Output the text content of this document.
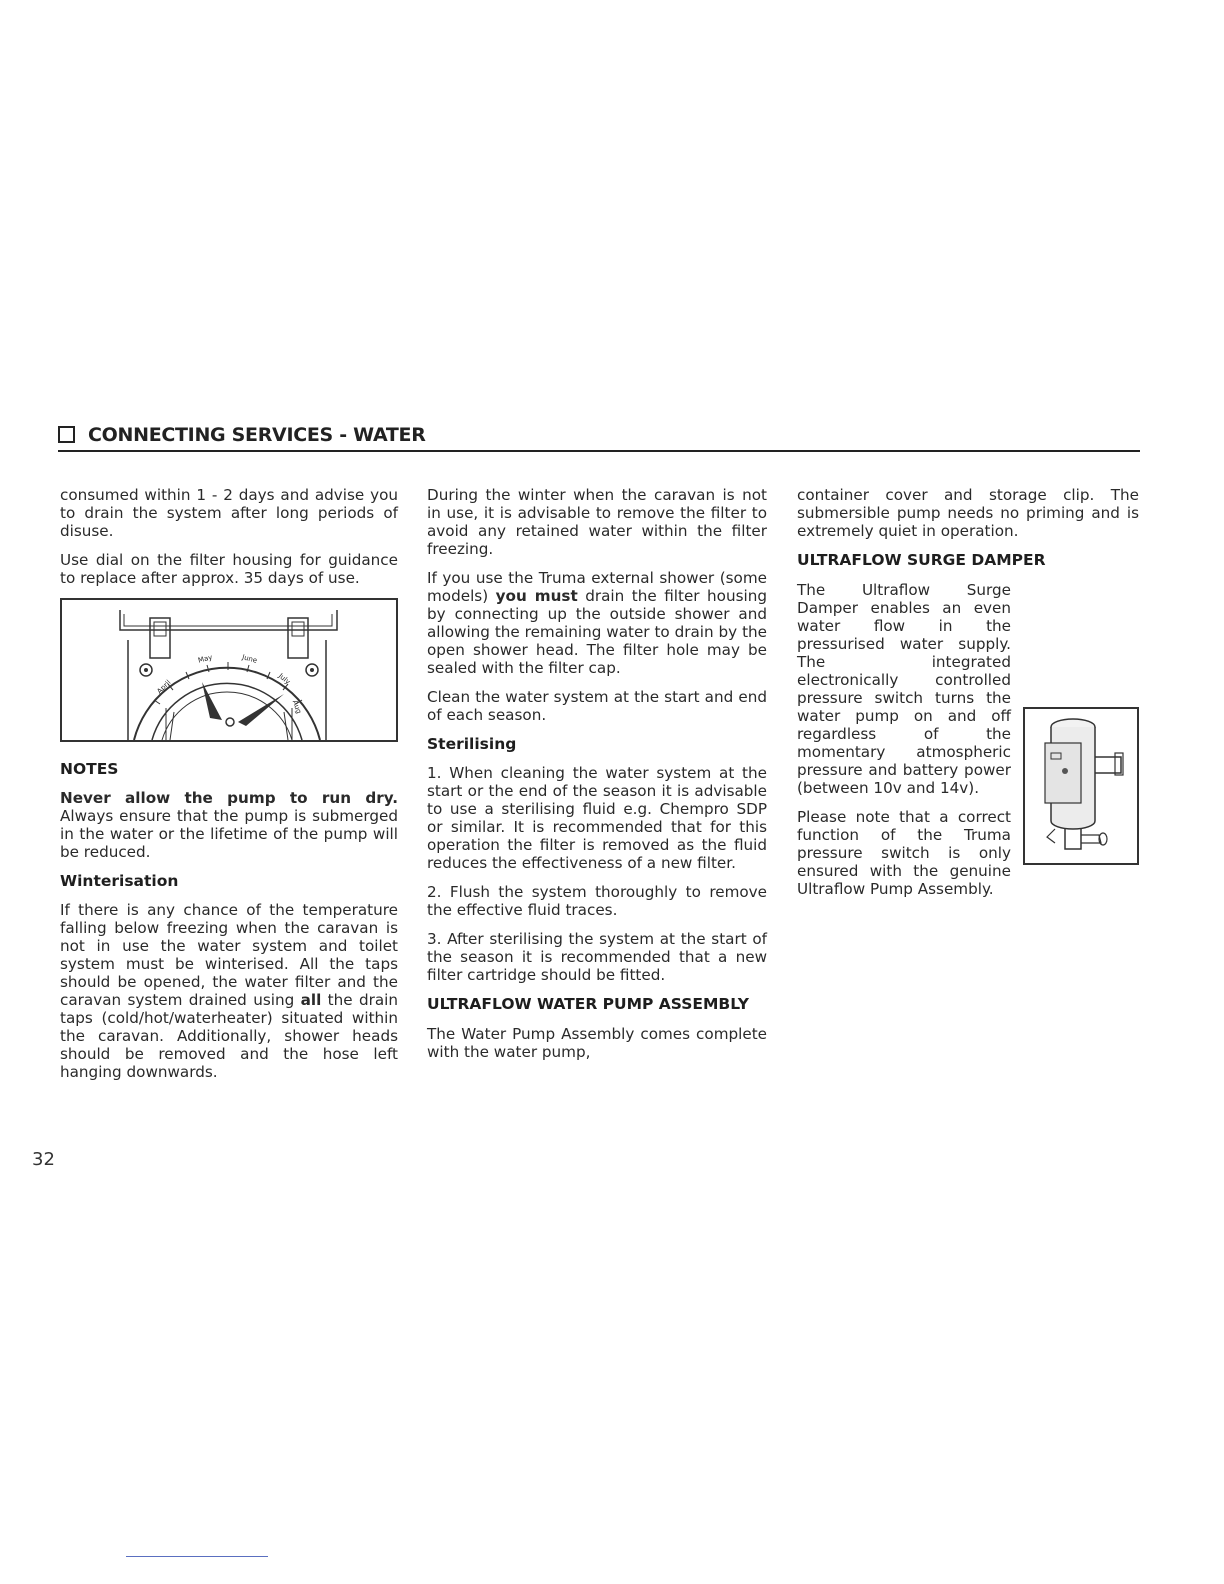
CONNECTING SERVICES - WATER

consumed within 1 - 2 days and advise you to drain the system after long periods of disuse.

Use dial on the filter housing for guidance to replace after approx. 35 days of use.

May	June
July
Aug
April
NOTES

Never allow the pump to run dry. Always ensure that the pump is submerged in the water or the lifetime of the pump will be reduced.

Winterisation

If there is any chance of the temperature falling below freezing when the caravan is not in use the water system and toilet system must be winterised. All the taps should be opened, the water filter and the caravan system drained using all the drain taps (cold/hot/waterheater) situated within the caravan. Additionally, shower heads should be removed and the hose left hanging downwards.

During the winter when the caravan is not in use, it is advisable to remove the filter to avoid any retained water within the filter freezing.

If you use the Truma external shower (some models) you must drain the filter housing by connecting up the outside shower and allowing the remaining water to drain by the open shower head. The filter hole may be sealed with the filter cap.

Clean the water system at the start and end of each season.

Sterilising

1. When cleaning the water system at the start or the end of the season it is advisable to use a sterilising fluid e.g. Chempro SDP or similar. It is recommended that for this operation the filter is removed as the fluid reduces the effectiveness of a new filter.

2. Flush the system thoroughly to remove the effective fluid traces.

3. After sterilising the system at the start of the season it is recommended that a new filter cartridge should be fitted.

ULTRAFLOW WATER PUMP ASSEMBLY

The Water Pump Assembly comes complete with the water pump,

container cover and storage clip. The submersible pump needs no priming and is extremely quiet in operation.

ULTRAFLOW SURGE DAMPER

The Ultraflow Surge Damper enables an even water flow in the pressurised water supply. The integrated electronically controlled pressure switch turns the water pump on and off regardless of the momentary atmospheric pressure and battery power (between 10v and 14v).

Please note that a correct function of the Truma pressure switch is only ensured with the genuine Ultraflow Pump Assembly.

32
